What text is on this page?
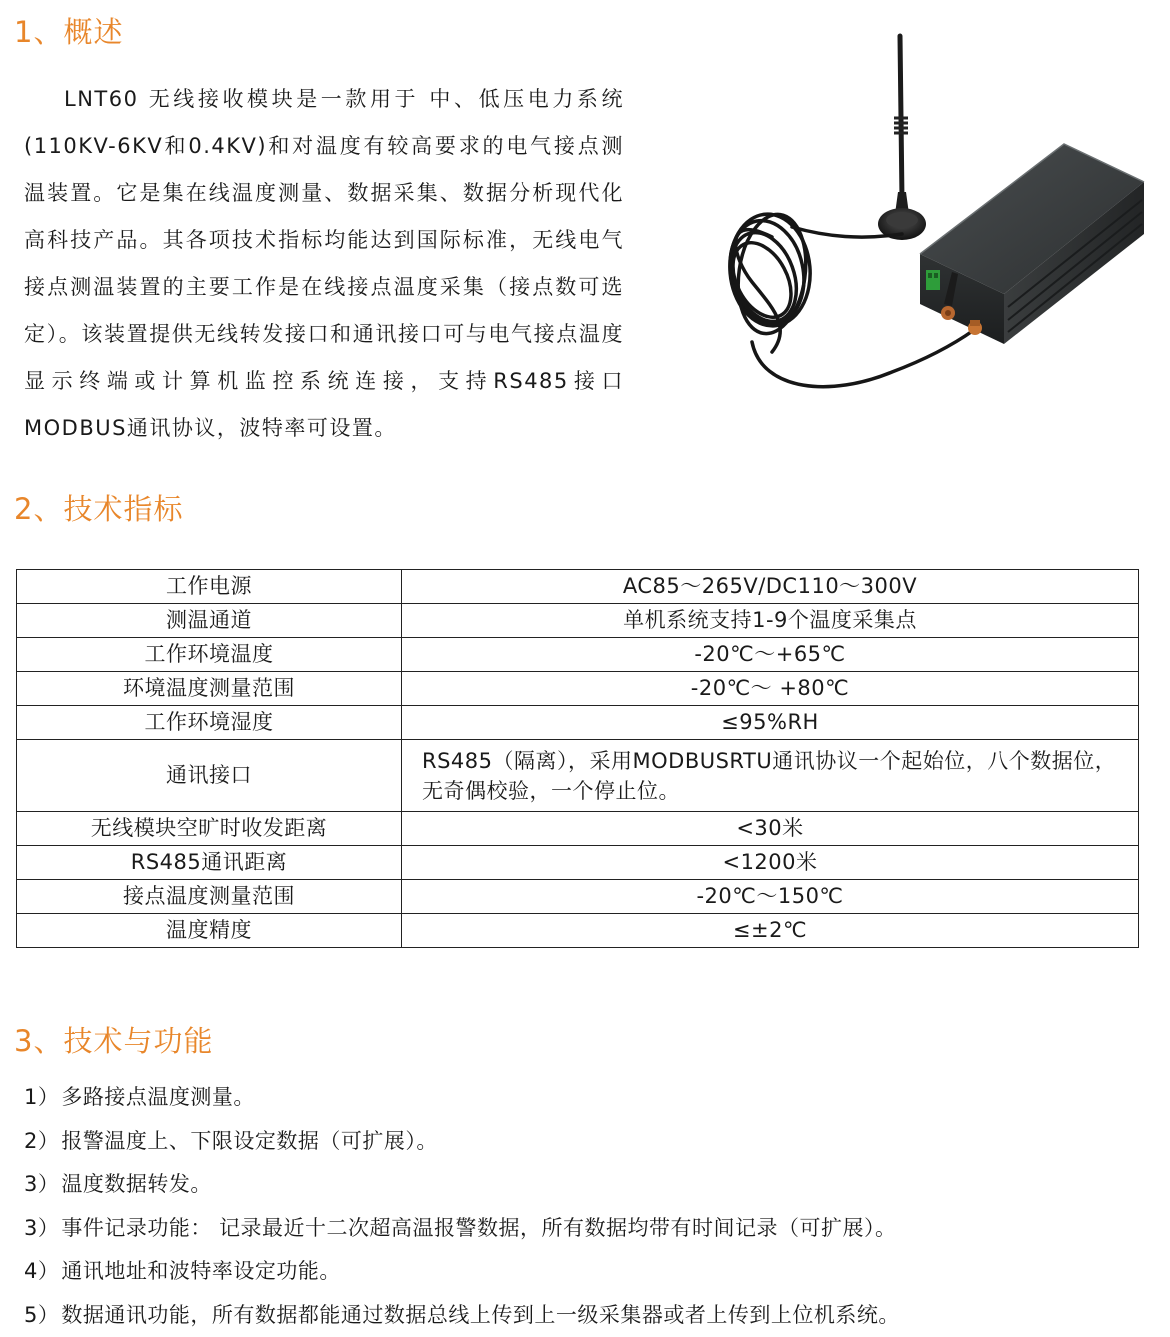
1、概述

LNT60 无线接收模块是一款用于 中、低压电力系统(110KV-6KV和0.4KV)和对温度有较高要求的电气接点测温装置。它是集在线温度测量、数据采集、数据分析现代化高科技产品。其各项技术指标均能达到国际标准，无线电气接点测温装置的主要工作是在线接点温度采集（接点数可选定）。该装置提供无线转发接口和通讯接口可与电气接点温度显示终端或计算机监控系统连接，支持RS485接口MODBUS通讯协议，波特率可设置。

2、技术指标
工作电源	AC85～265V/DC110～300V
测温通道	单机系统支持1-9个温度采集点
工作环境温度	-20℃～+65℃
环境温度测量范围	-20℃～ +80℃
工作环境湿度	≤95%RH
通讯接口	RS485（隔离），采用MODBUSRTU通讯协议一个起始位，八个数据位，无奇偶校验，一个停止位。
无线模块空旷时收发距离	<30米
RS485通讯距离	<1200米
接点温度测量范围	-20℃～150℃
温度精度	≤±2℃
3、技术与功能
1）多路接点温度测量。
2）报警温度上、下限设定数据（可扩展）。
3）温度数据转发。
3）事件记录功能： 记录最近十二次超高温报警数据，所有数据均带有时间记录（可扩展）。
4）通讯地址和波特率设定功能。
5）数据通讯功能，所有数据都能通过数据总线上传到上一级采集器或者上传到上位机系统。
